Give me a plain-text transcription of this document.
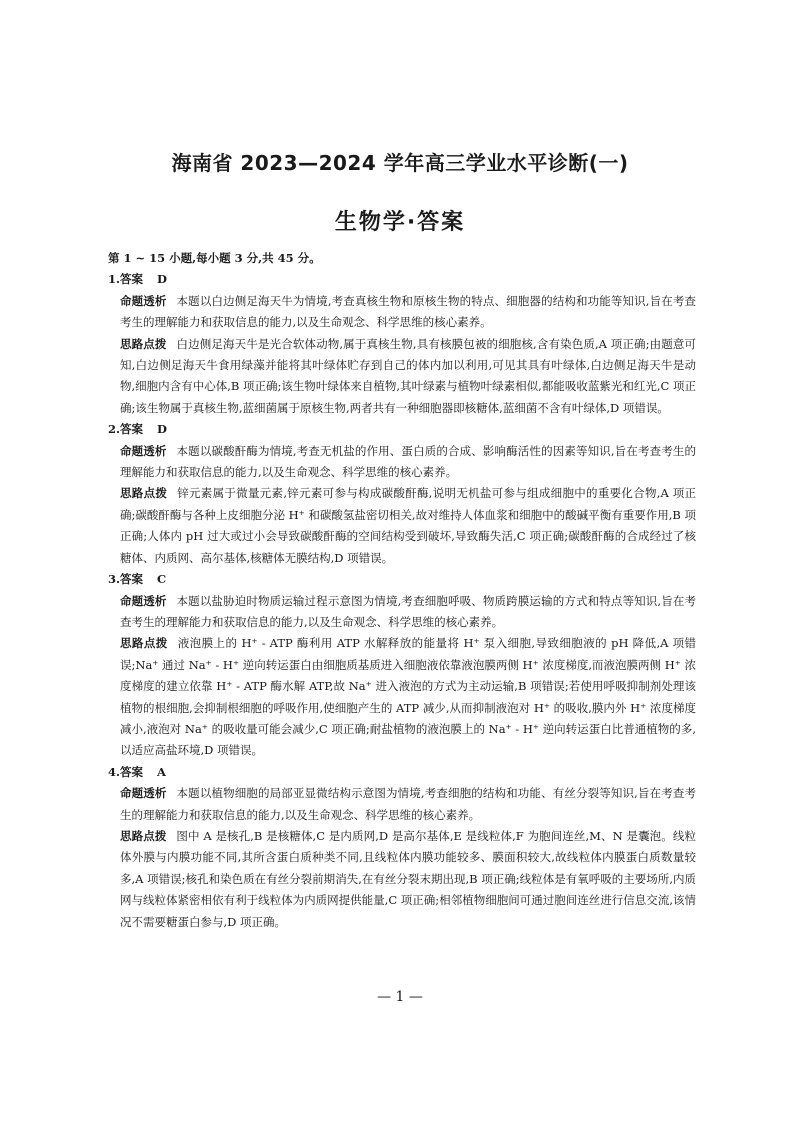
海南省 2023—2024 学年高三学业水平诊断(一)
生物学·答案

第 1 ~ 15 小题,每小题 3 分,共 45 分。

1.答案 D

命题透析 本题以白边侧足海天牛为情境,考查真核生物和原核生物的特点、细胞器的结构和功能等知识,旨在考查考生的理解能力和获取信息的能力,以及生命观念、科学思维的核心素养。

思路点拨 白边侧足海天牛是光合软体动物,属于真核生物,具有核膜包被的细胞核,含有染色质,A 项正确;由题意可知,白边侧足海天牛食用绿藻并能将其叶绿体贮存到自己的体内加以利用,可见其具有叶绿体,白边侧足海天牛是动物,细胞内含有中心体,B 项正确;该生物叶绿体来自植物,其叶绿素与植物叶绿素相似,都能吸收蓝紫光和红光,C 项正确;该生物属于真核生物,蓝细菌属于原核生物,两者共有一种细胞器即核糖体,蓝细菌不含有叶绿体,D 项错误。

2.答案 D

命题透析 本题以碳酸酐酶为情境,考查无机盐的作用、蛋白质的合成、影响酶活性的因素等知识,旨在考查考生的理解能力和获取信息的能力,以及生命观念、科学思维的核心素养。

思路点拨 锌元素属于微量元素,锌元素可参与构成碳酸酐酶,说明无机盐可参与组成细胞中的重要化合物,A 项正确;碳酸酐酶与各种上皮细胞分泌 H⁺ 和碳酸氢盐密切相关,故对维持人体血浆和细胞中的酸碱平衡有重要作用,B 项正确;人体内 pH 过大或过小会导致碳酸酐酶的空间结构受到破坏,导致酶失活,C 项正确;碳酸酐酶的合成经过了核糖体、内质网、高尔基体,核糖体无膜结构,D 项错误。

3.答案 C

命题透析 本题以盐胁迫时物质运输过程示意图为情境,考查细胞呼吸、物质跨膜运输的方式和特点等知识,旨在考查考生的理解能力和获取信息的能力,以及生命观念、科学思维的核心素养。

思路点拨 液泡膜上的 H⁺ - ATP 酶利用 ATP 水解释放的能量将 H⁺ 泵入细胞,导致细胞液的 pH 降低,A 项错误;Na⁺ 通过 Na⁺ - H⁺ 逆向转运蛋白由细胞质基质进入细胞液依靠液泡膜两侧 H⁺ 浓度梯度,而液泡膜两侧 H⁺ 浓度梯度的建立依靠 H⁺ - ATP 酶水解 ATP,故 Na⁺ 进入液泡的方式为主动运输,B 项错误;若使用呼吸抑制剂处理该植物的根细胞,会抑制根细胞的呼吸作用,使细胞产生的 ATP 减少,从而抑制液泡对 H⁺ 的吸收,膜内外 H⁺ 浓度梯度减小,液泡对 Na⁺ 的吸收量可能会减少,C 项正确;耐盐植物的液泡膜上的 Na⁺ - H⁺ 逆向转运蛋白比普通植物的多,以适应高盐环境,D 项错误。

4.答案 A

命题透析 本题以植物细胞的局部亚显微结构示意图为情境,考查细胞的结构和功能、有丝分裂等知识,旨在考查考生的理解能力和获取信息的能力,以及生命观念、科学思维的核心素养。

思路点拨 图中 A 是核孔,B 是核糖体,C 是内质网,D 是高尔基体,E 是线粒体,F 为胞间连丝,M、N 是囊泡。线粒体外膜与内膜功能不同,其所含蛋白质种类不同,且线粒体内膜功能较多、膜面积较大,故线粒体内膜蛋白质数量较多,A 项错误;核孔和染色质在有丝分裂前期消失,在有丝分裂末期出现,B 项正确;线粒体是有氧呼吸的主要场所,内质网与线粒体紧密相依有利于线粒体为内质网提供能量,C 项正确;相邻植物细胞间可通过胞间连丝进行信息交流,该情况不需要糖蛋白参与,D 项正确。

— 1 —
